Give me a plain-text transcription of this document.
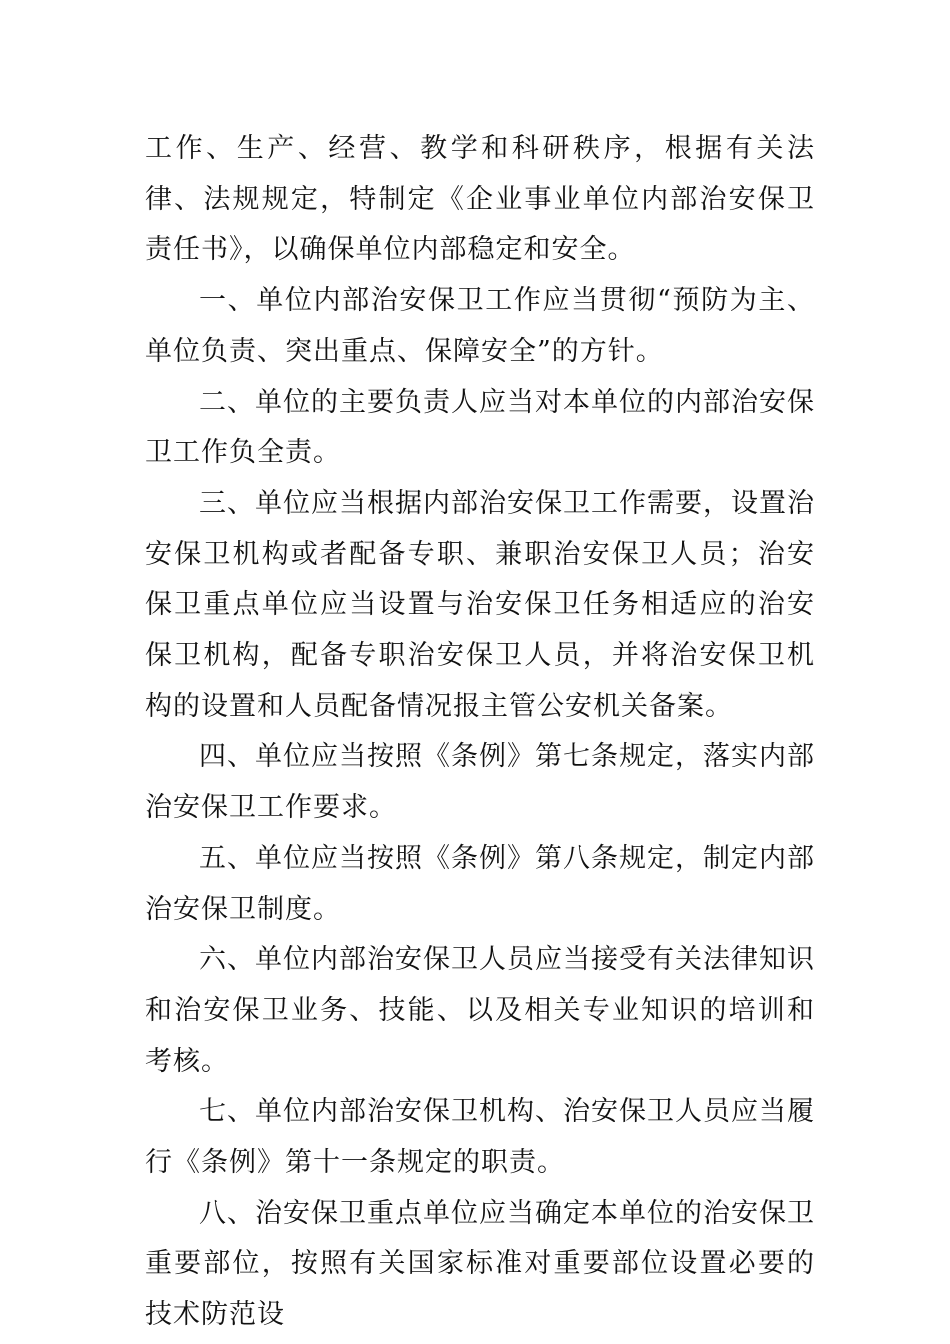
工作、生产、经营、教学和科研秩序，根据有关法律、法规规定，特制定《企业事业单位内部治安保卫责任书》，以确保单位内部稳定和安全。

一、单位内部治安保卫工作应当贯彻“预防为主、单位负责、突出重点、保障安全”的方针。

二、单位的主要负责人应当对本单位的内部治安保卫工作负全责。

三、单位应当根据内部治安保卫工作需要，设置治安保卫机构或者配备专职、兼职治安保卫人员；治安保卫重点单位应当设置与治安保卫任务相适应的治安保卫机构，配备专职治安保卫人员，并将治安保卫机构的设置和人员配备情况报主管公安机关备案。

四、单位应当按照《条例》第七条规定，落实内部治安保卫工作要求。

五、单位应当按照《条例》第八条规定，制定内部治安保卫制度。

六、单位内部治安保卫人员应当接受有关法律知识和治安保卫业务、技能、以及相关专业知识的培训和考核。

七、单位内部治安保卫机构、治安保卫人员应当履行《条例》第十一条规定的职责。

八、治安保卫重点单位应当确定本单位的治安保卫重要部位，按照有关国家标准对重要部位设置必要的技术防范设
